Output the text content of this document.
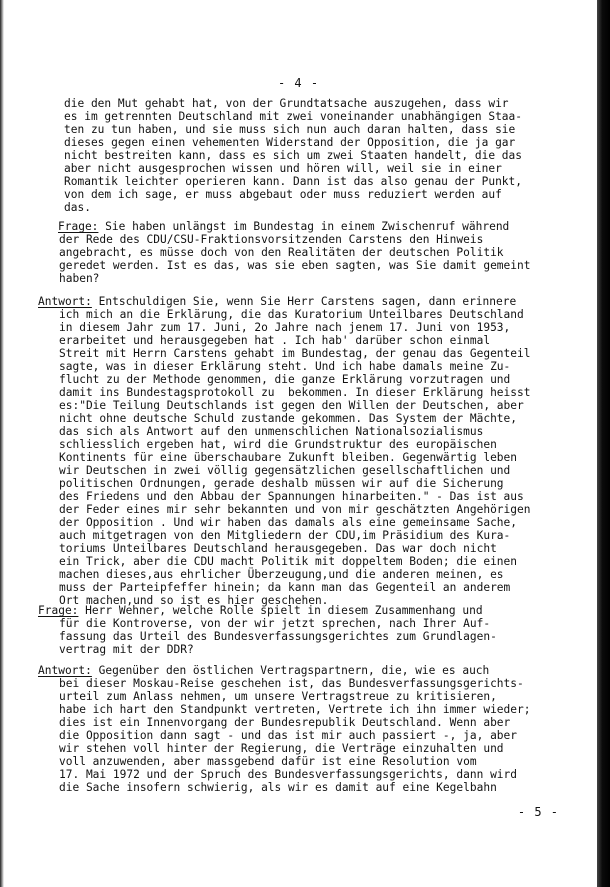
- 4 -
die den Mut gehabt hat, von der Grundtatsache auszugehen, dass wir
es im getrennten Deutschland mit zwei voneinander unabhängigen Staa-
ten zu tun haben, und sie muss sich nun auch daran halten, dass sie
dieses gegen einen vehementen Widerstand der Opposition, die ja gar
nicht bestreiten kann, dass es sich um zwei Staaten handelt, die das
aber nicht ausgesprochen wissen und hören will, weil sie in einer
Romantik leichter operieren kann. Dann ist das also genau der Punkt,
von dem ich sage, er muss abgebaut oder muss reduziert werden auf
das.
Frage: Sie haben unlängst im Bundestag in einem Zwischenruf während
der Rede des CDU/CSU-Fraktionsvorsitzenden Carstens den Hinweis
angebracht, es müsse doch von den Realitäten der deutschen Politik
geredet werden. Ist es das, was sie eben sagten, was Sie damit gemeint
haben?
Antwort: Entschuldigen Sie, wenn Sie Herr Carstens sagen, dann erinnere
ich mich an die Erklärung, die das Kuratorium Unteilbares Deutschland
in diesem Jahr zum 17. Juni, 2o Jahre nach jenem 17. Juni von 1953,
erarbeitet und herausgegeben hat . Ich hab' darüber schon einmal
Streit mit Herrn Carstens gehabt im Bundestag, der genau das Gegenteil
sagte, was in dieser Erklärung steht. Und ich habe damals meine Zu-
flucht zu der Methode genommen, die ganze Erklärung vorzutragen und
damit ins Bundestagsprotokoll zu  bekommen. In dieser Erklärung heisst
es:"Die Teilung Deutschlands ist gegen den Willen der Deutschen, aber
nicht ohne deutsche Schuld zustande gekommen. Das System der Mächte,
das sich als Antwort auf den unmenschlichen Nationalsozialismus
schliesslich ergeben hat, wird die Grundstruktur des europäischen
Kontinents für eine überschaubare Zukunft bleiben. Gegenwärtig leben
wir Deutschen in zwei völlig gegensätzlichen gesellschaftlichen und
politischen Ordnungen, gerade deshalb müssen wir auf die Sicherung
des Friedens und den Abbau der Spannungen hinarbeiten." - Das ist aus
der Feder eines mir sehr bekannten und von mir geschätzten Angehörigen
der Opposition . Und wir haben das damals als eine gemeinsame Sache,
auch mitgetragen von den Mitgliedern der CDU,im Präsidium des Kura-
toriums Unteilbares Deutschland herausgegeben. Das war doch nicht
ein Trick, aber die CDU macht Politik mit doppeltem Boden; die einen
machen dieses,aus ehrlicher Überzeugung,und die anderen meinen, es
muss der Parteipfeffer hinein; da kann man das Gegenteil an anderem
Ort machen,und so ist es hier geschehen.
Frage: Herr Wehner, welche Rolle spielt in diesem Zusammenhang und
für die Kontroverse, von der wir jetzt sprechen, nach Ihrer Auf-
fassung das Urteil des Bundesverfassungsgerichtes zum Grundlagen-
vertrag mit der DDR?
Antwort: Gegenüber den östlichen Vertragspartnern, die, wie es auch
bei dieser Moskau-Reise geschehen ist, das Bundesverfassungsgerichts-
urteil zum Anlass nehmen, um unsere Vertragstreue zu kritisieren,
habe ich hart den Standpunkt vertreten, Vertrete ich ihn immer wieder;
dies ist ein Innenvorgang der Bundesrepublik Deutschland. Wenn aber
die Opposition dann sagt - und das ist mir auch passiert -, ja, aber
wir stehen voll hinter der Regierung, die Verträge einzuhalten und
voll anzuwenden, aber massgebend dafür ist eine Resolution vom
17. Mai 1972 und der Spruch des Bundesverfassungsgerichts, dann wird
die Sache insofern schwierig, als wir es damit auf eine Kegelbahn
- 5 -
